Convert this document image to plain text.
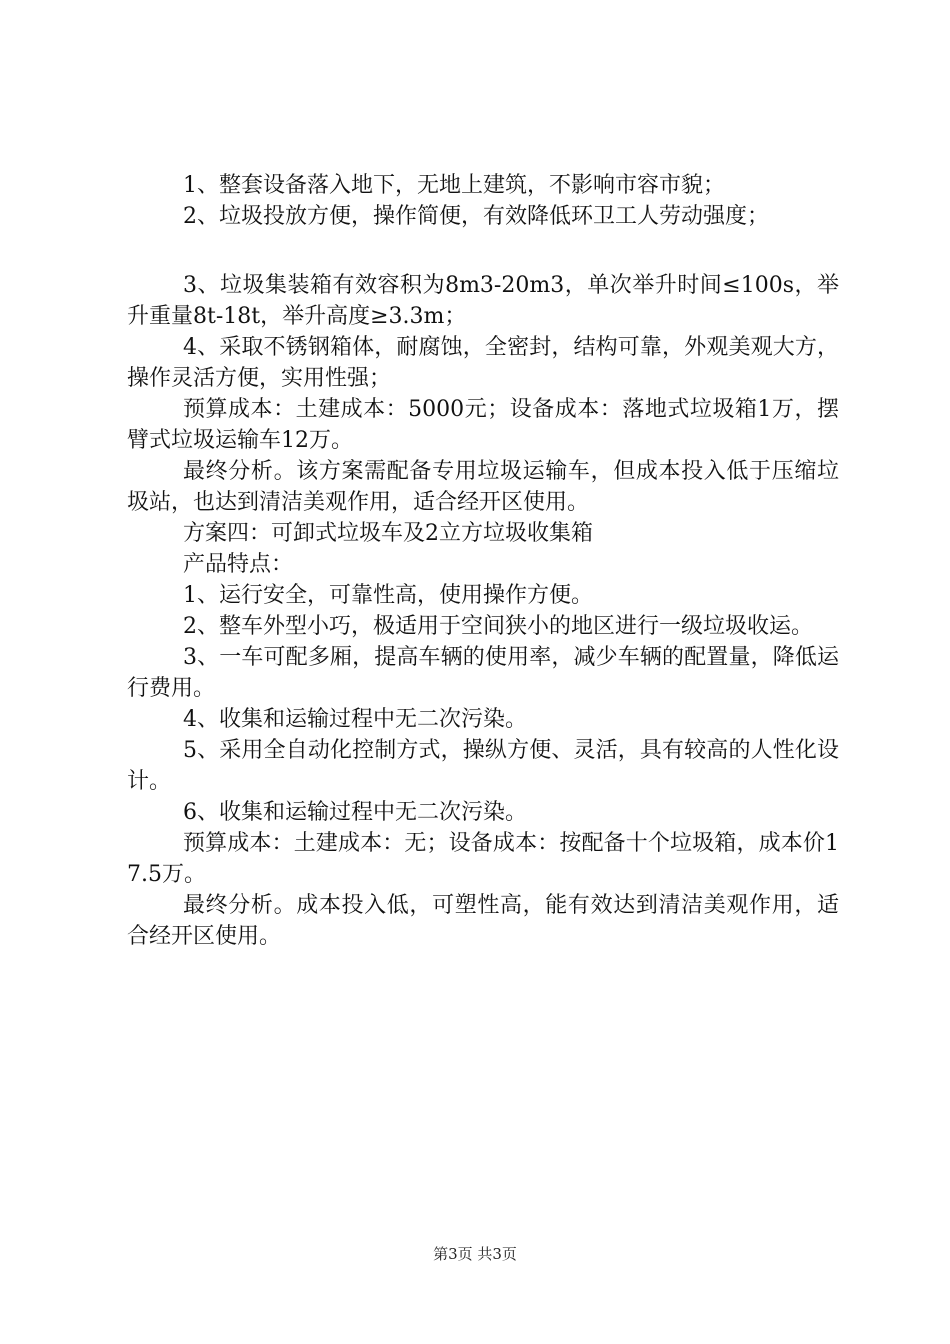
1、整套设备落入地下，无地上建筑，不影响市容市貌；

2、垃圾投放方便，操作简便，有效降低环卫工人劳动强度；

3、垃圾集装箱有效容积为8m3-20m3，单次举升时间≤100s，举升重量8t-18t，举升高度≥3.3m；

4、采取不锈钢箱体，耐腐蚀，全密封，结构可靠，外观美观大方，操作灵活方便，实用性强；

预算成本：土建成本：5000元；设备成本：落地式垃圾箱1万，摆臂式垃圾运输车12万。

最终分析。该方案需配备专用垃圾运输车，但成本投入低于压缩垃圾站，也达到清洁美观作用，适合经开区使用。

方案四：可卸式垃圾车及2立方垃圾收集箱

产品特点：

1、运行安全，可靠性高，使用操作方便。

2、整车外型小巧，极适用于空间狭小的地区进行一级垃圾收运。

3、一车可配多厢，提高车辆的使用率，减少车辆的配置量，降低运行费用。

4、收集和运输过程中无二次污染。

5、采用全自动化控制方式，操纵方便、灵活，具有较高的人性化设计。

6、收集和运输过程中无二次污染。

预算成本：土建成本：无；设备成本：按配备十个垃圾箱，成本价17.5万。

最终分析。成本投入低，可塑性高，能有效达到清洁美观作用，适合经开区使用。

第3页 共3页
